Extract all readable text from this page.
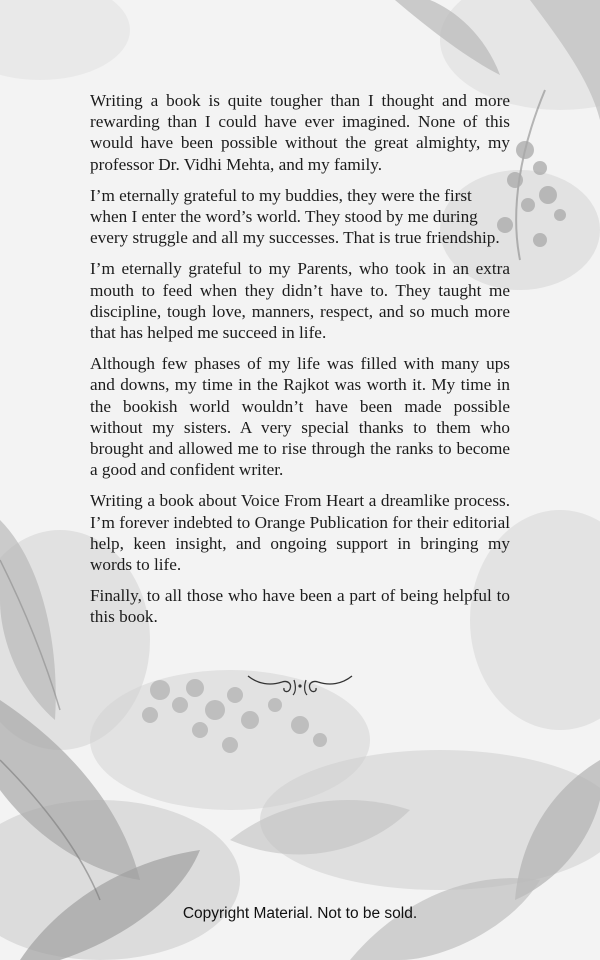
Writing a book is quite tougher than I thought and more rewarding than I could have ever imagined. None of this would have been possible without the great almighty, my professor Dr. Vidhi Mehta, and my family.

I’m eternally grateful to my buddies, they were the first when I enter the word’s world. They stood by me during every struggle and all my successes. That is true friendship.

I’m eternally grateful to my Parents, who took in an extra mouth to feed when they didn’t have to. They taught me discipline, tough love, manners, respect, and so much more that has helped me succeed in life.

Although few phases of my life was filled with many ups and downs, my time in the Rajkot was worth it. My time in the bookish world wouldn’t have been made possible without my sisters. A very special thanks to them who brought and allowed me to rise through the ranks to become a good and confident writer.

Writing a book about Voice From Heart a dreamlike process. I’m forever indebted to Orange Publication for their editorial help, keen insight, and ongoing support in bringing my words to life.

Finally, to all those who have been a part of being helpful to this book.

Copyright Material. Not to be sold.
